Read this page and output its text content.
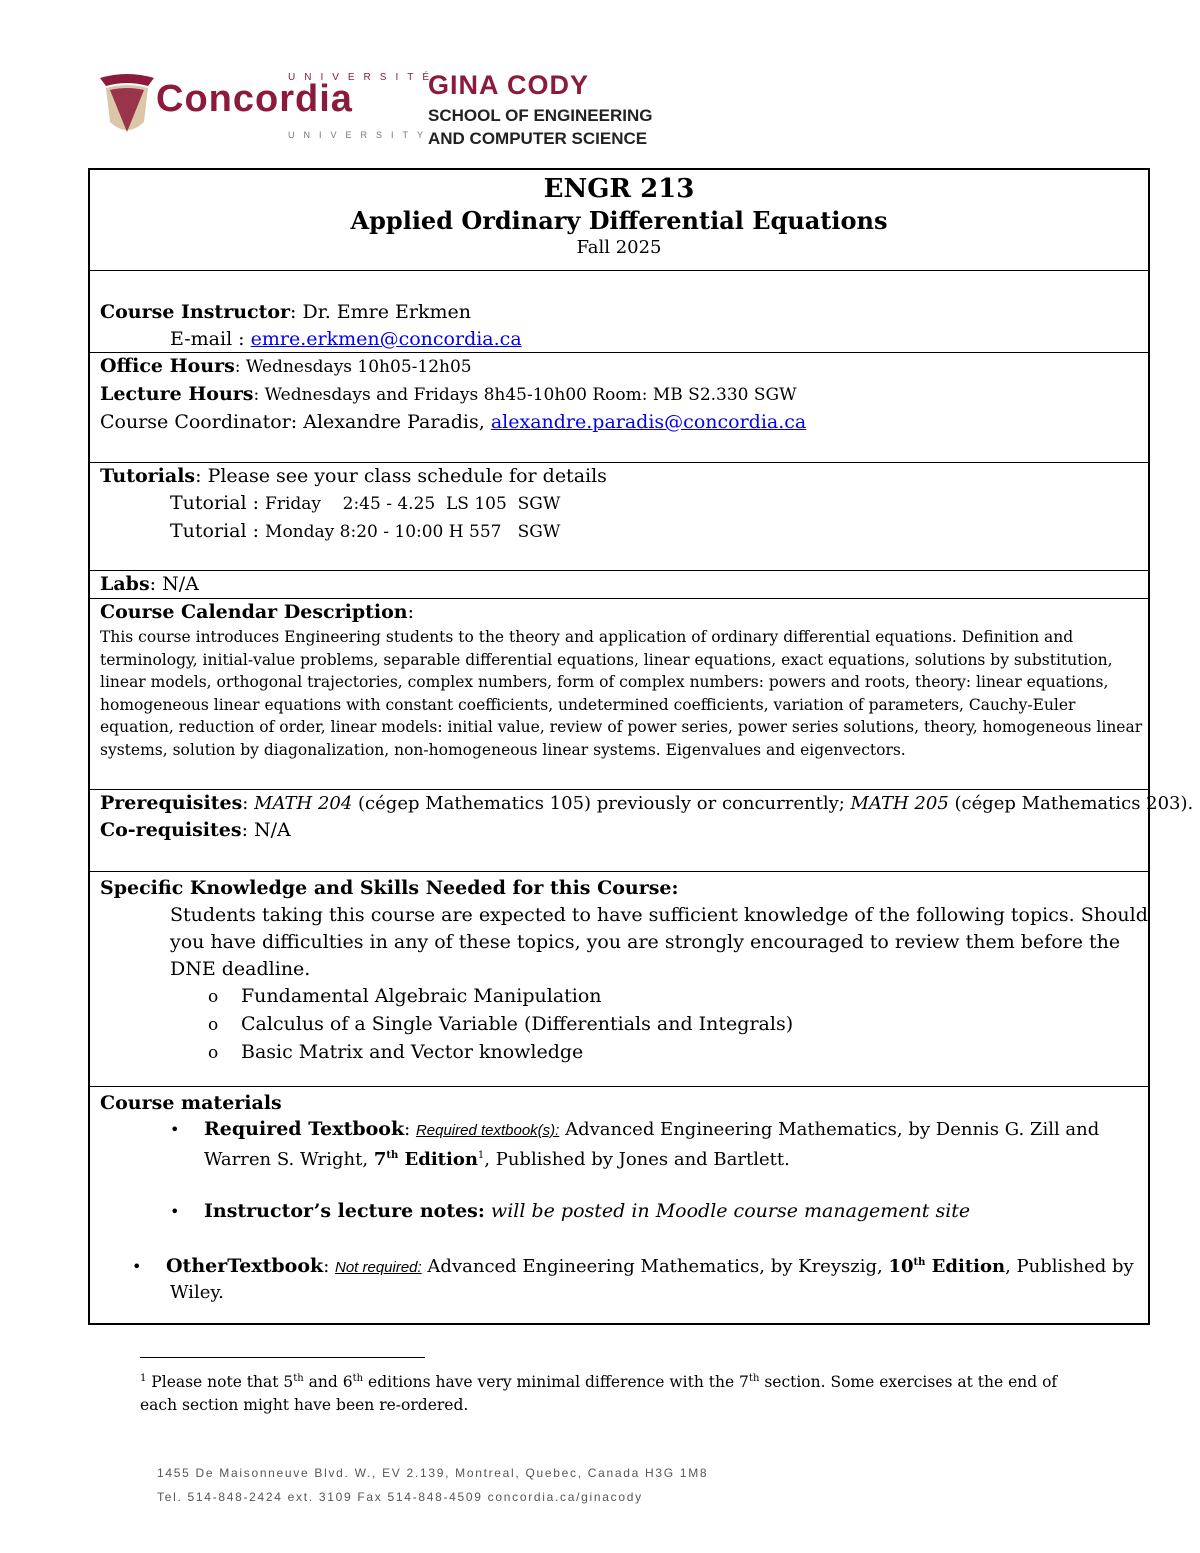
UNIVERSITÉ
Concordia
UNIVERSITY
GINA CODY
SCHOOL OF ENGINEERING
AND COMPUTER SCIENCE
ENGR 213
Applied Ordinary Differential Equations
Fall 2025
Course Instructor: Dr. Emre Erkmen
E-mail : emre.erkmen@concordia.ca
Office Hours: Wednesdays 10h05-12h05
Lecture Hours: Wednesdays and Fridays 8h45-10h00 Room: MB S2.330 SGW
Course Coordinator: Alexandre Paradis, alexandre.paradis@concordia.ca
Tutorials: Please see your class schedule for details
Tutorial : Friday    2:45 - 4.25  LS 105  SGW
Tutorial : Monday 8:20 - 10:00 H 557   SGW
Labs: N/A
Course Calendar Description:
This course introduces Engineering students to the theory and application of ordinary differential equations. Definition and
terminology, initial-value problems, separable differential equations, linear equations, exact equations, solutions by substitution,
linear models, orthogonal trajectories, complex numbers, form of complex numbers: powers and roots, theory: linear equations,
homogeneous linear equations with constant coefficients, undetermined coefficients, variation of parameters, Cauchy-Euler
equation, reduction of order, linear models: initial value, review of power series, power series solutions, theory, homogeneous linear
systems, solution by diagonalization, non-homogeneous linear systems. Eigenvalues and eigenvectors.
Prerequisites: MATH 204 (cégep Mathematics 105) previously or concurrently; MATH 205 (cégep Mathematics 203).
Co-requisites: N/A
Specific Knowledge and Skills Needed for this Course:
Students taking this course are expected to have sufficient knowledge of the following topics. Should
you have difficulties in any of these topics, you are strongly encouraged to review them before the
DNE deadline.
o Fundamental Algebraic Manipulation
o Calculus of a Single Variable (Differentials and Integrals)
o Basic Matrix and Vector knowledge
Course materials
• Required Textbook: Required textbook(s): Advanced Engineering Mathematics, by Dennis G. Zill and
Warren S. Wright, 7th Edition$^1$, Published by Jones and Bartlett.
• Instructor’s lecture notes: will be posted in Moodle course management site
• OtherTextbook: Not required: Advanced Engineering Mathematics, by Kreyszig, 10th Edition, Published by
Wiley.
$^1$ Please note that 5th and 6th editions have very minimal difference with the 7th section. Some exercises at the end of
each section might have been re-ordered.
1455 De Maisonneuve Blvd. W., EV 2.139, Montreal, Quebec, Canada H3G 1M8
Tel. 514-848-2424 ext. 3109 Fax 514-848-4509 concordia.ca/ginacody
